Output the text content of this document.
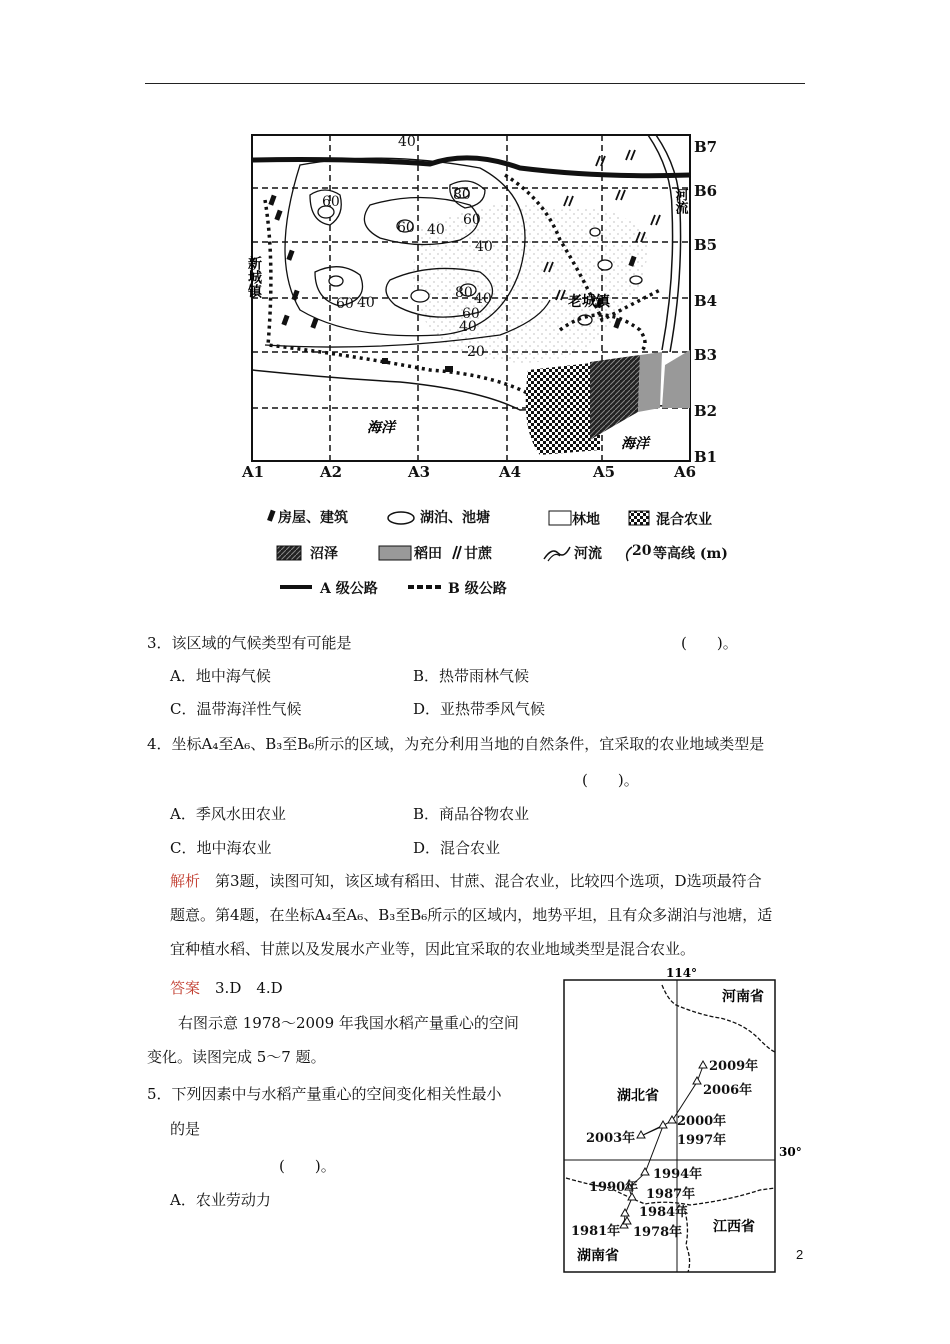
40
80
60
60
60 40
40
60 40
80 40
60
40
20
新城镇
老城镇
河流
海洋
海洋
A1	A2	A3	A4	A5	A6
B1
B2
B3
B4
B5
B6
B7
房屋、建筑	湖泊、池塘	林地	混合农业
沼泽	稻田 甘蔗	河流 20 等高线 (m)
A 级公路	B 级公路
3．该区域的气候类型有可能是	(　　)。
A．地中海气候	B．热带雨林气候
C．温带海洋性气候	D．亚热带季风气候
4．坐标A₄至A₆、B₃至B₆所示的区域，为充分利用当地的自然条件，宜采取的农业地域类型是
(　　)。
A．季风水田农业	B．商品谷物农业
C．地中海农业	D．混合农业
解析　第3题，读图可知，该区域有稻田、甘蔗、混合农业，比较四个选项，D选项最符合
题意。第4题，在坐标A₄至A₆、B₃至B₆所示的区域内，地势平坦，且有众多湖泊与池塘，适
宜种植水稻、甘蔗以及发展水产业等，因此宜采取的农业地域类型是混合农业。
答案　3.D　4.D
右图示意 1978～2009 年我国水稻产量重心的空间
变化。读图完成 5～7 题。
5．下列因素中与水稻产量重心的空间变化相关性最小
的是
(　　)。
A．农业劳动力
114°
30°
河南省
湖北省
江西省
湖南省
2009年
2006年
2000年
1997年
2003年
1994年
1990年 1987年
1984年
1981年 1978年
2
